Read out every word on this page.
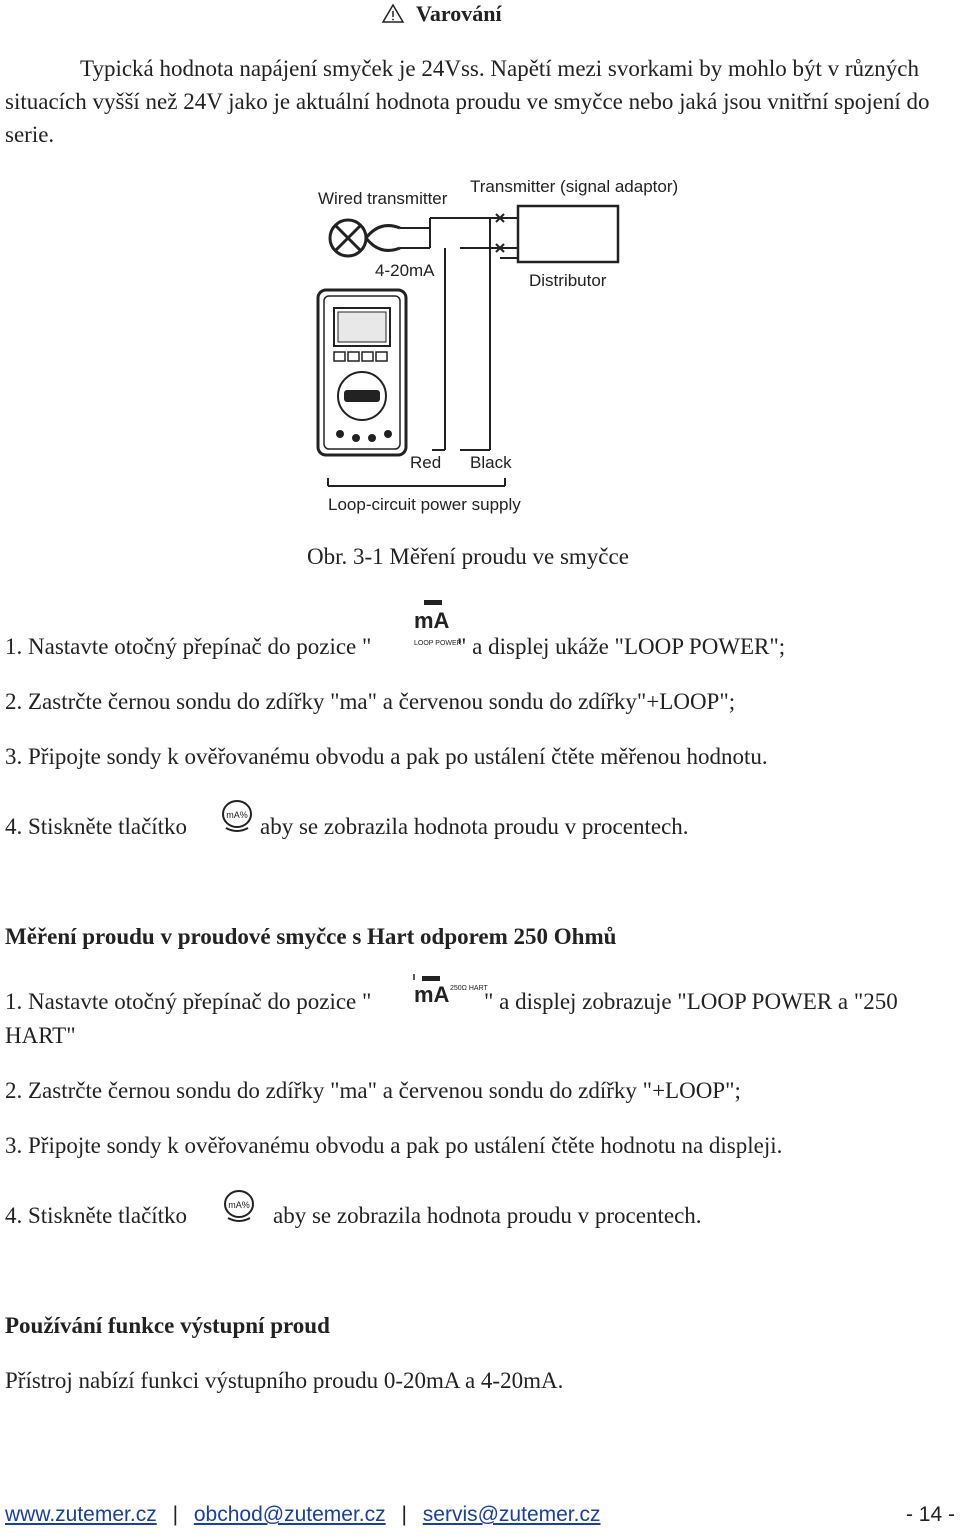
Varování
Typická hodnota napájení smyček je 24Vss. Napětí mezi svorkami by mohlo být v různých situacích vyšší než 24V jako je aktuální hodnota proudu ve smyčce nebo jaká jsou vnitřní spojení do serie.
Wired transmitter
Transmitter (signal adaptor)
4-20mA
Distributor
Red Black
Loop-circuit power supply
Obr. 3-1 Měření proudu ve smyčce
1. Nastavte otočný přepínač do pozice "
mA
LOOP POWER
" a displej ukáže "LOOP POWER";
2. Zastrčte černou sondu do zdířky "ma" a červenou sondu do zdířky"+LOOP";
3. Připojte sondy k ověřovanému obvodu a pak po ustálení čtěte měřenou hodnotu.
4. Stiskněte tlačítko	mA% aby se zobrazila hodnota proudu v procentech.
Měření proudu v proudové smyčce s Hart odporem 250 Ohmů
1. Nastavte otočný přepínač do pozice " mA 250Ω HART
" a displej zobrazuje "LOOP POWER a "250
HART"
2. Zastrčte černou sondu do zdířky "ma" a červenou sondu do zdířky "+LOOP";
3. Připojte sondy k ověřovanému obvodu a pak po ustálení čtěte hodnotu na displeji.
4. Stiskněte tlačítko	mA% aby se zobrazila hodnota proudu v procentech.
Používání funkce výstupní proud
Přístroj nabízí funkci výstupního proudu 0-20mA a 4-20mA.
www.zutemer.cz | obchod@zutemer.cz | servis@zutemer.cz	- 14 -
